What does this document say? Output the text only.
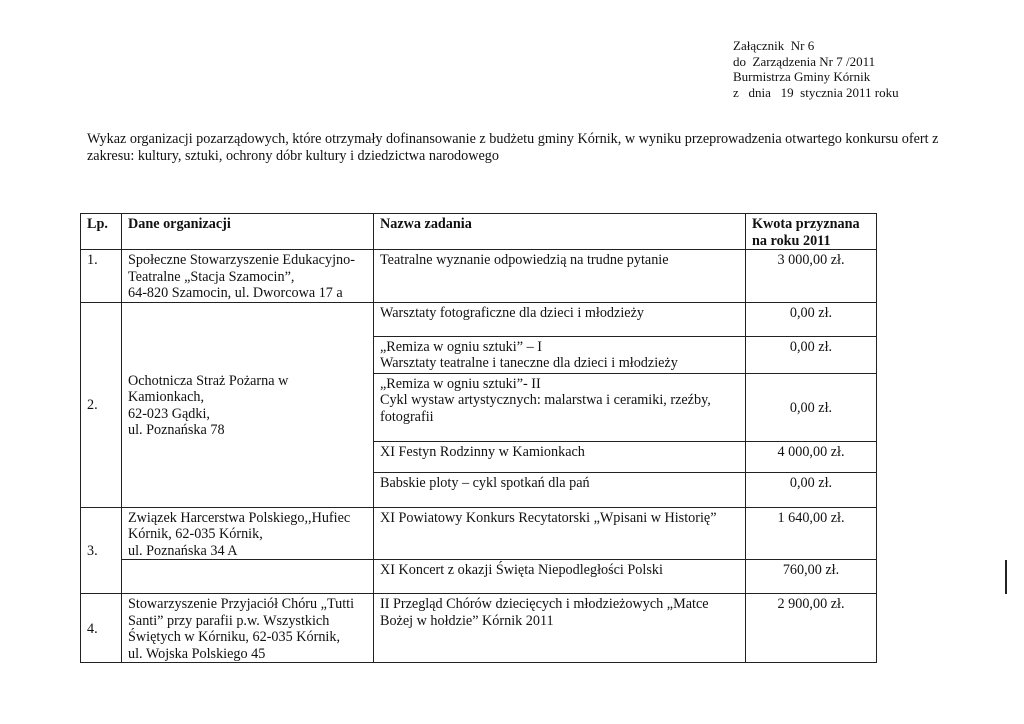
Załącznik  Nr 6
do  Zarządzenia Nr 7 /2011
Burmistrza Gminy Kórnik
z   dnia   19  stycznia 2011 roku
Wykaz organizacji pozarządowych, które otrzymały dofinansowanie z budżetu gminy Kórnik, w wyniku przeprowadzenia otwartego konkursu ofert z zakresu: kultury, sztuki, ochrony dóbr kultury i dziedzictwa narodowego
Lp.	Dane organizacji	Nazwa zadania	Kwota przyznana
na roku 2011

1.	Społeczne Stowarzyszenie Edukacyjno-
Teatralne „Stacja Szamocin”,
64-820 Szamocin, ul. Dworcowa 17 a	Teatralne wyznanie odpowiedzią na trudne pytanie	3 000,00 zł.
2.	Ochotnicza Straż Pożarna w
Kamionkach,
62-023 Gądki,
ul. Poznańska 78	Warsztaty fotograficzne dla dzieci i młodzieży	0,00 zł.

		„Remiza w ogniu sztuki” – I
Warsztaty teatralne i taneczne dla dzieci i młodzieży	0,00 zł.

		„Remiza w ogniu sztuki”- II
Cykl wystaw artystycznych: malarstwa i ceramiki, rzeźby,
fotografii	0,00 zł.
		XI Festyn Rodzinny w Kamionkach	4 000,00 zł.
		Babskie ploty – cykl spotkań dla pań	0,00 zł.
3.	Związek Harcerstwa Polskiego,,Hufiec
Kórnik, 62-035 Kórnik,
ul. Poznańska 34 A	XI Powiatowy Konkurs Recytatorski „Wpisani w Historię”	1 640,00 zł.
		XI Koncert z okazji Święta Niepodległości Polski	760,00 zł.
4.	Stowarzyszenie Przyjaciół Chóru „Tutti
Santi” przy parafii p.w. Wszystkich
Świętych w Kórniku, 62-035 Kórnik,
ul. Wojska Polskiego 45	II Przegląd Chórów dziecięcych i młodzieżowych „Matce
Bożej w hołdzie” Kórnik 2011	2 900,00 zł.
